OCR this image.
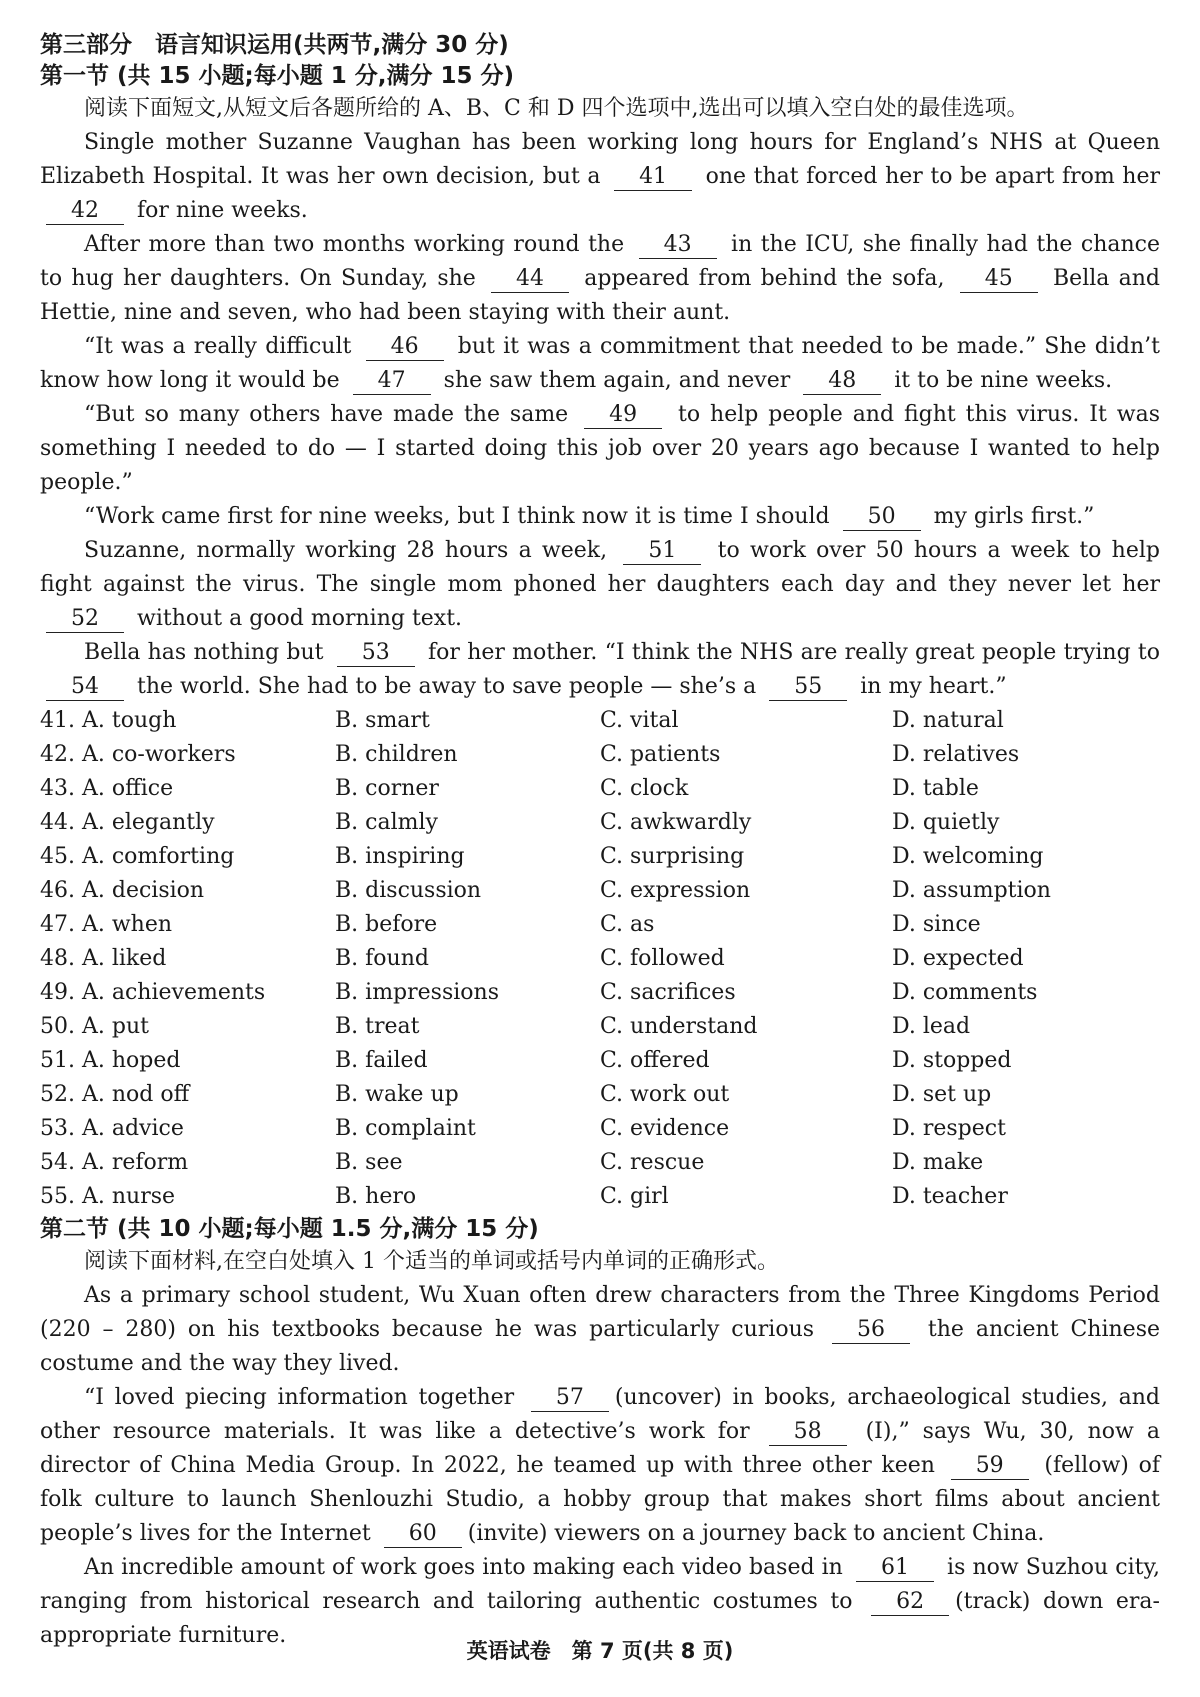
第三部分　语言知识运用(共两节,满分 30 分)

第一节 (共 15 小题;每小题 1 分,满分 15 分)

阅读下面短文,从短文后各题所给的 A、B、C 和 D 四个选项中,选出可以填入空白处的最佳选项。

Single mother Suzanne Vaughan has been working long hours for England’s NHS at Queen Elizabeth Hospital. It was her own decision, but a 41 one that forced her to be apart from her 42 for nine weeks.

After more than two months working round the 43 in the ICU, she finally had the chance to hug her daughters. On Sunday, she 44 appeared from behind the sofa, 45 Bella and Hettie, nine and seven, who had been staying with their aunt.

“It was a really difficult 46 but it was a commitment that needed to be made.” She didn’t know how long it would be 47 she saw them again, and never 48 it to be nine weeks.

“But so many others have made the same 49 to help people and fight this virus. It was something I needed to do — I started doing this job over 20 years ago because I wanted to help people.”

“Work came first for nine weeks, but I think now it is time I should 50 my girls first.”

Suzanne, normally working 28 hours a week, 51 to work over 50 hours a week to help fight against the virus. The single mom phoned her daughters each day and they never let her 52 without a good morning text.

Bella has nothing but 53 for her mother. “I think the NHS are really great people trying to 54 the world. She had to be away to save people — she’s a 55 in my heart.”

41. A. tough	B. smart	C. vital	D. natural
42. A. co-workers	B. children	C. patients	D. relatives
43. A. office	B. corner	C. clock	D. table
44. A. elegantly	B. calmly	C. awkwardly	D. quietly
45. A. comforting	B. inspiring	C. surprising	D. welcoming
46. A. decision	B. discussion	C. expression	D. assumption
47. A. when	B. before	C. as	D. since
48. A. liked	B. found	C. followed	D. expected
49. A. achievements	B. impressions	C. sacrifices	D. comments
50. A. put	B. treat	C. understand	D. lead
51. A. hoped	B. failed	C. offered	D. stopped
52. A. nod off	B. wake up	C. work out	D. set up
53. A. advice	B. complaint	C. evidence	D. respect
54. A. reform	B. see	C. rescue	D. make
55. A. nurse	B. hero	C. girl	D. teacher

第二节 (共 10 小题;每小题 1.5 分,满分 15 分)

阅读下面材料,在空白处填入 1 个适当的单词或括号内单词的正确形式。

As a primary school student, Wu Xuan often drew characters from the Three Kingdoms Period (220 – 280) on his textbooks because he was particularly curious 56 the ancient Chinese costume and the way they lived.

“I loved piecing information together 57 (uncover) in books, archaeological studies, and other resource materials. It was like a detective’s work for 58 (I),” says Wu, 30, now a director of China Media Group. In 2022, he teamed up with three other keen 59 (fellow) of folk culture to launch Shenlouzhi Studio, a hobby group that makes short films about ancient people’s lives for the Internet 60 (invite) viewers on a journey back to ancient China.

An incredible amount of work goes into making each video based in 61 is now Suzhou city, ranging from historical research and tailoring authentic costumes to 62 (track) down era-appropriate furniture.

英语试卷　第 7 页(共 8 页)
